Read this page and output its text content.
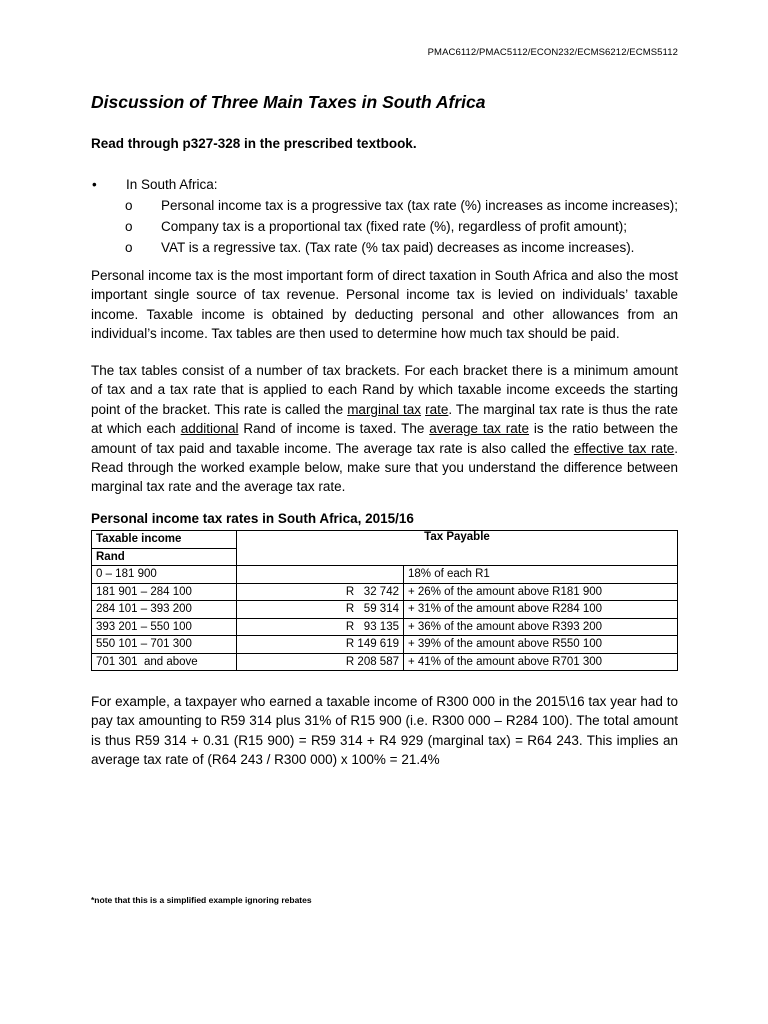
PMAC6112/PMAC5112/ECON232/ECMS6212/ECMS5112
Discussion of Three Main Taxes in South Africa
Read through p327-328 in the prescribed textbook.
•	In South Africa:
o	Personal income tax is a progressive tax (tax rate (%) increases as income increases);
o	Company tax is a proportional tax (fixed rate (%), regardless of profit amount);
o	VAT is a regressive tax. (Tax rate (% tax paid) decreases as income increases).

Personal income tax is the most important form of direct taxation in South Africa and also the most important single source of tax revenue. Personal income tax is levied on individuals’ taxable income. Taxable income is obtained by deducting personal and other allowances from an individual’s income. Tax tables are then used to determine how much tax should be paid.

The tax tables consist of a number of tax brackets. For each bracket there is a minimum amount of tax and a tax rate that is applied to each Rand by which taxable income exceeds the starting point of the bracket. This rate is called the marginal tax rate. The marginal tax rate is thus the rate at which each additional Rand of income is taxed. The average tax rate is the ratio between the amount of tax paid and taxable income. The average tax rate is also called the effective tax rate. Read through the worked example below, make sure that you understand the difference between marginal tax rate and the average tax rate.

Personal income tax rates in South Africa, 2015/16
Taxable income	Tax Payable	
Rand		
0 – 181 900		18% of each R1
181 901 – 284 100	R   32 742	+ 26% of the amount above R181 900
284 101 – 393 200	R   59 314	+ 31% of the amount above R284 100
393 201 – 550 100	R   93 135	+ 36% of the amount above R393 200
550 101 – 701 300	R 149 619	+ 39% of the amount above R550 100
701 301  and above	R 208 587	+ 41% of the amount above R701 300

For example, a taxpayer who earned a taxable income of R300 000 in the 2015\16 tax year had to pay tax amounting to R59 314 plus 31% of R15 900 (i.e. R300 000 – R284 100). The total amount is thus R59 314 + 0.31 (R15 900) = R59 314 + R4 929 (marginal tax) = R64 243. This implies an average tax rate of (R64 243 / R300 000) x 100% = 21.4%

*note that this is a simplified example ignoring rebates
